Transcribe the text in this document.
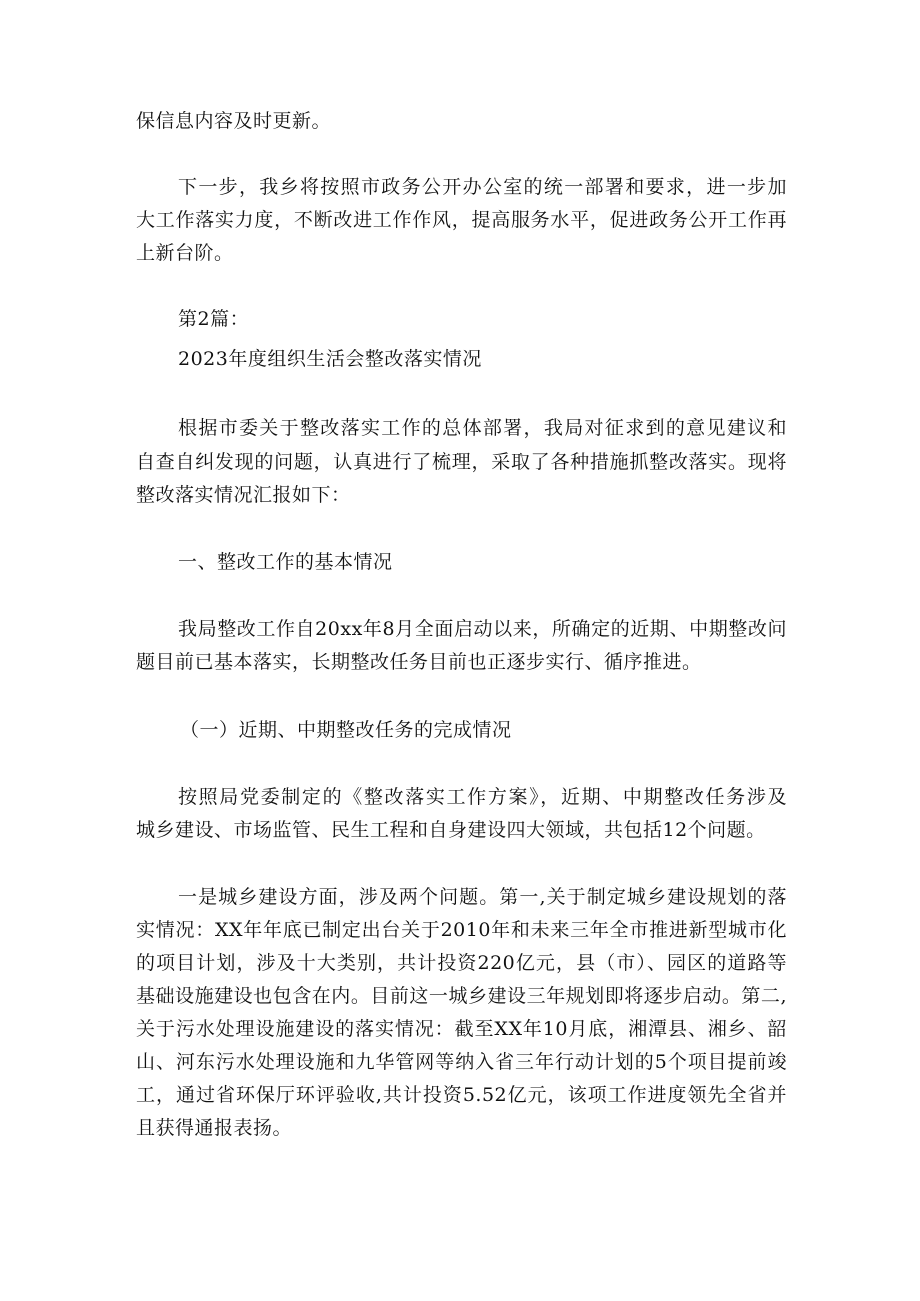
保信息内容及时更新。
下一步，我乡将按照市政务公开办公室的统一部署和要求，进一步加
大工作落实力度，不断改进工作作风，提高服务水平，促进政务公开工作再
上新台阶。
第2篇：
2023年度组织生活会整改落实情况
根据市委关于整改落实工作的总体部署，我局对征求到的意见建议和
自查自纠发现的问题，认真进行了梳理，采取了各种措施抓整改落实。现将
整改落实情况汇报如下：
一、整改工作的基本情况
我局整改工作自20xx年8月全面启动以来，所确定的近期、中期整改问
题目前已基本落实，长期整改任务目前也正逐步实行、循序推进。
（一）近期、中期整改任务的完成情况
按照局党委制定的《整改落实工作方案》，近期、中期整改任务涉及
城乡建设、市场监管、民生工程和自身建设四大领域，共包括12个问题。
一是城乡建设方面，涉及两个问题。第一,关于制定城乡建设规划的落
实情况：XX年年底已制定出台关于2010年和未来三年全市推进新型城市化
的项目计划，涉及十大类别，共计投资220亿元，县（市）、园区的道路等
基础设施建设也包含在内。目前这一城乡建设三年规划即将逐步启动。第二,
关于污水处理设施建设的落实情况：截至XX年10月底，湘潭县、湘乡、韶
山、河东污水处理设施和九华管网等纳入省三年行动计划的5个项目提前竣
工，通过省环保厅环评验收,共计投资5.52亿元，该项工作进度领先全省并
且获得通报表扬。
